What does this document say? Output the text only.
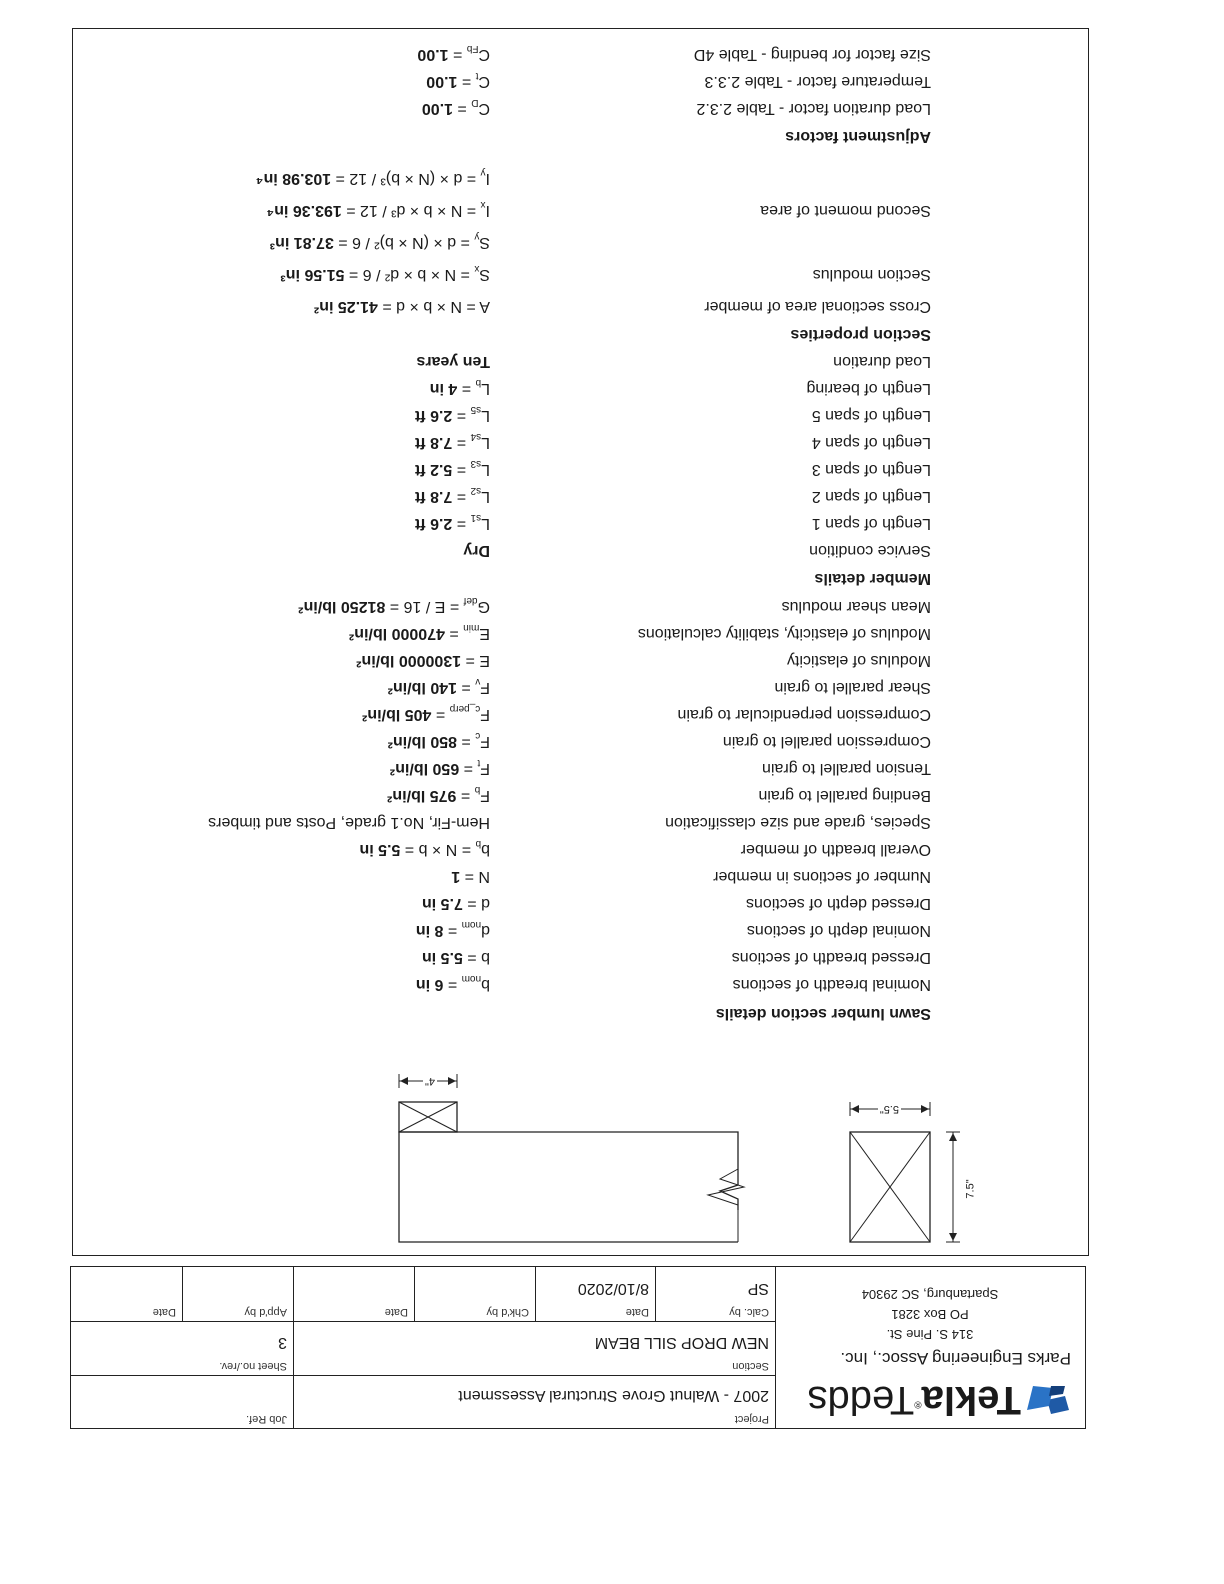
Tekla®Tedds
Parks Engineering Assoc., Inc.
314 S. Pine St.
PO Box 3281
Spartanburg, SC 29304
Project
2007 - Walnut Grove Structural Assessment
Job Ref.
Section
NEW DROP SILL BEAM
Sheet no./rev.
3
Calc. by
SP
Date
8/10/2020
Chk'd by
Date
App'd by
Date
7.5"
5.5"
4"
Sawn lumber section details
Nominal breadth of sections
$b_{nom} = 6$ in
Dressed breadth of sections
b = 5.5 in
Nominal depth of sections
$d_{nom} = 8$ in
Dressed depth of sections
d = 7.5 in
Number of sections in member
N = 1
Overall breadth of member
$b_b = N \times b = 5.5$ in
Species, grade and size classification
Hem-Fir, No.1 grade, Posts and timbers
Bending parallel to grain
$F_b = 975$ lb/in²
Tension parallel to grain
$F_t = 650$ lb/in²
Compression parallel to grain
$F_c = 850$ lb/in²
Compression perpendicular to grain
$F_{c\_perp} = 405$ lb/in²
Shear parallel to grain
$F_v = 140$ lb/in²
Modulus of elasticity
E = 1300000 lb/in²
Modulus of elasticity, stability calculations
$E_{min} = 470000$ lb/in²
Mean shear modulus
$G_{def} = E / 16 = 81250$ lb/in²
Member details
Service condition
Dry
Length of span 1
$L_{s1} = 2.6$ ft
Length of span 2
$L_{s2} = 7.8$ ft
Length of span 3
$L_{s3} = 5.2$ ft
Length of span 4
$L_{s4} = 7.8$ ft
Length of span 5
$L_{s5} = 2.6$ ft
Length of bearing
$L_b = 4$ in
Load duration
Ten years
Section properties
Cross sectional area of member
A = N × b × d = 41.25 in²
Section modulus
$S_x = N \times b \times d^2 / 6 = 51.56$ in³
$S_y = d \times (N \times b)^2 / 6 = 37.81$ in³
Second moment of area
$I_x = N \times b \times d^3 / 12 = 193.36$ in⁴
$I_y = d \times (N \times b)^3 / 12 = 103.98$ in⁴
Adjustment factors
Load duration factor - Table 2.3.2
$C_D = 1.00$
Temperature factor - Table 2.3.3
$C_t = 1.00$
Size factor for bending - Table 4D
$C_{Fb} = 1.00$
